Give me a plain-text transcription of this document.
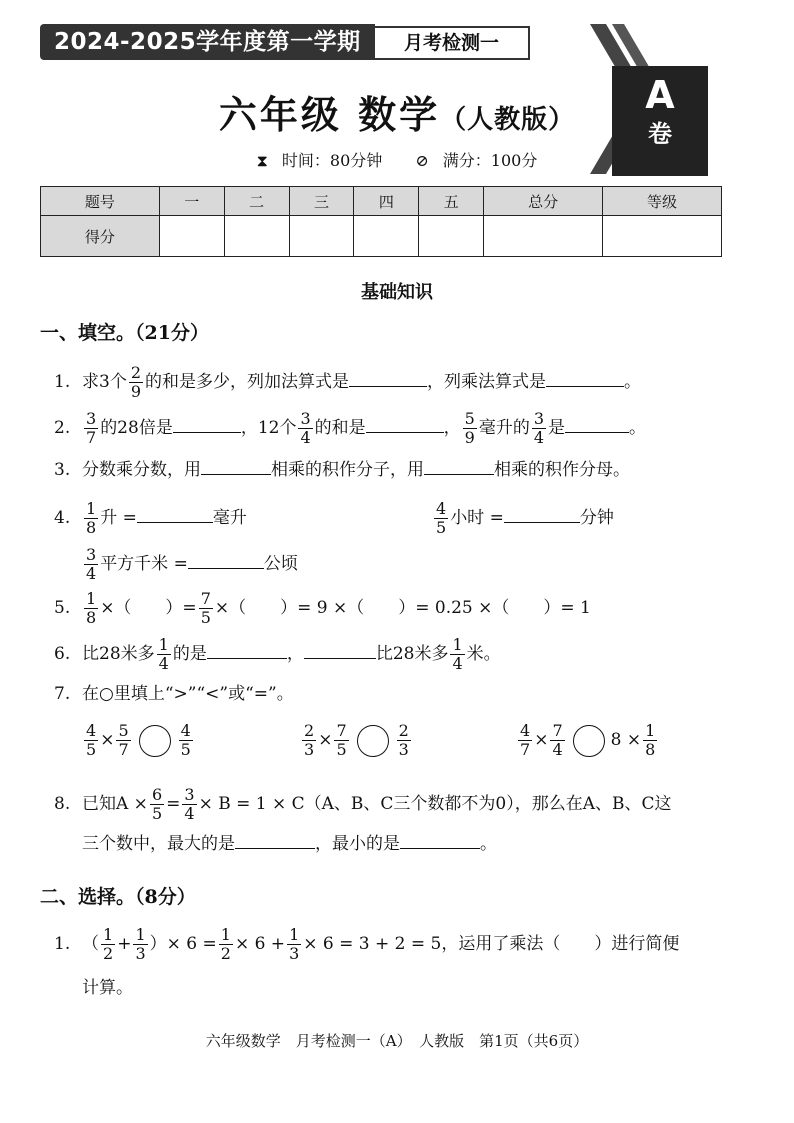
2024-2025学年度第一学期	月考检测一
A
卷
六年级 数学（人教版）
⧗ 时间：80分钟 ⊘ 满分：100分
题号	一	二	三	四	五	总分	等级
得分							
基础知识
一、填空。（21分）
1. 求3个 $\frac{2}{9}$ 的和是多少，列加法算式是	，列乘法算式是	。
2. $\frac{3}{7}$ 的28倍是	，12个 $\frac{3}{4}$ 的和是	， $\frac{5}{9}$ 毫升的 $\frac{3}{4}$ 是	。
3. 分数乘分数，用	相乘的积作分子，用	相乘的积作分母。
4. $\frac{1}{8}$ 升 =	毫升	$\frac{4}{5}$ 小时 =	分钟
$\frac{3}{4}$ 平方千米 =	公顷
5. $\frac{1}{8}$ ×（　　）= $\frac{7}{5}$ ×（　　）= 9 ×（　　）= 0.25 ×（　　）= 1
6. 比28米多 $\frac{1}{4}$ 的是	，	比28米多 $\frac{1}{4}$ 米。
7. 在○里填上“>”“<”或“=”。
$\frac{4}{5} \times \frac{5}{7}$	$\frac{4}{5}$	$\frac{2}{3} \times \frac{7}{5}$	$\frac{2}{3}$	$\frac{4}{7} \times \frac{7}{4}$	$8 \times \frac{1}{8}$
8. 已知$A \times \frac{6}{5} = \frac{3}{4} \times B = 1 \times C(A$、B、C三个数都不为0），那么在A、B、C这
三个数中，最大的是	，最小的是	。
二、选择。（8分）
1. （ $\frac{1}{2} + \frac{1}{3}$ ）× $6 = \frac{1}{2} \times 6 + \frac{1}{3} \times 6 = 3 + 2 = 5$，运用了乘法（　　）进行简便
计算。
六年级数学　月考检测一（A）　人教版　第1页（共6页）
